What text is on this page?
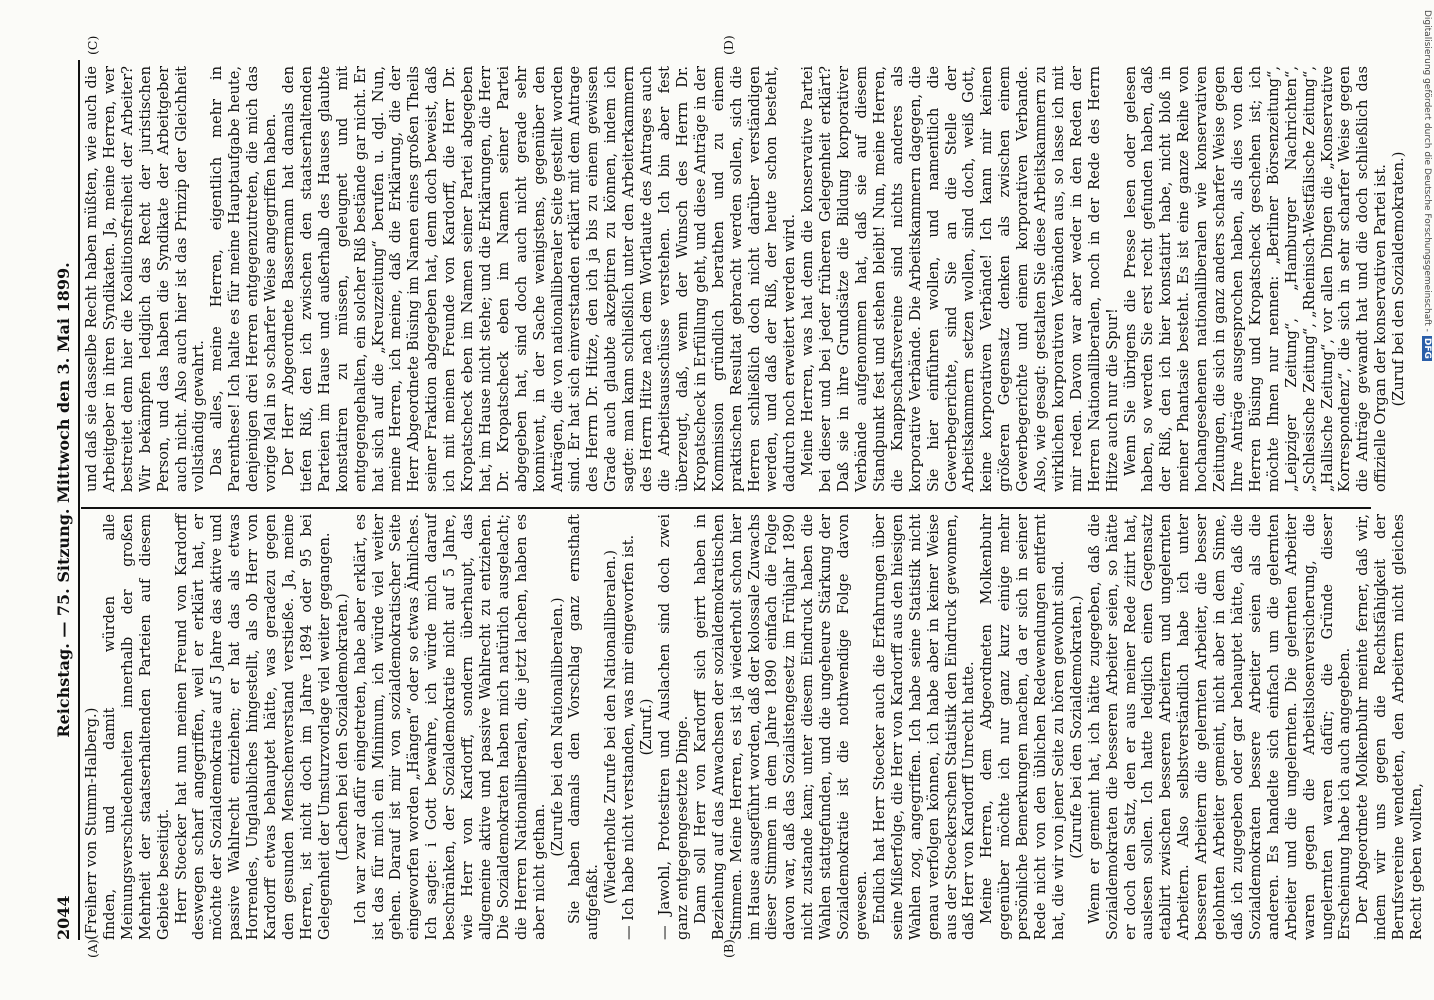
2044
Reichstag. — 75. Sitzung. Mittwoch den 3. Mai 1899.
(A)	(B)
(C)	(D)

(Freiherr von Stumm-Halberg.) finden, und damit würden alle Meinungsverschiedenheiten innerhalb der großen Mehrheit der staatserhaltenden Parteien auf diesem Gebiete beseitigt. Herr Stoecker hat nun meinen Freund von Kardorff deswegen scharf angegriffen, weil er erklärt hat, er möchte der Sozialdemokratie auf 5 Jahre das aktive und passive Wahlrecht entziehen; er hat das als etwas Horrendes, Unglaubliches hingestellt, als ob Herr von Kardorff etwas behauptet hätte, was geradezu gegen den gesunden Menschenverstand verstieße. Ja, meine Herren, ist nicht doch im Jahre 1894 oder 95 bei Gelegenheit der Umsturzvorlage viel weiter gegangen. (Lachen bei den Sozialdemokraten.) Ich war zwar dafür eingetreten, habe aber erklärt, es ist das für mich ein Minimum, ich würde viel weiter gehen. Darauf ist mir von sozialdemokratischer Seite eingeworfen worden „Hängen“ oder so etwas Ähnliches. Ich sagte: i Gott bewahre, ich würde mich darauf beschränken, der Sozialdemokratie nicht auf 5 Jahre, wie Herr von Kardorff, sondern überhaupt, das allgemeine aktive und passive Wahlrecht zu entziehen. Die Sozialdemokraten haben mich natürlich ausgelacht; die Herren Nationalliberalen, die jetzt lachen, haben es aber nicht gethan.

(Zurufe bei den Nationalliberalen.) Sie haben damals den Vorschlag ganz ernsthaft aufgefaßt. (Wiederholte Zurufe bei den Nationalliberalen.) — Ich habe nicht verstanden, was mir eingeworfen ist. (Zuruf.) — Jawohl, Protestiren und Auslachen sind doch zwei ganz entgegengesetzte Dinge. Dann soll Herr von Kardorff sich geirrt haben in Beziehung auf das Anwachsen der sozialdemokratischen Stimmen. Meine Herren, es ist ja wiederholt schon hier im Hause ausgeführt worden, daß der kolossale Zuwachs dieser Stimmen in dem Jahre 1890 einfach die Folge davon war, daß das Sozialistengesetz im Frühjahr 1890 nicht zustande kam; unter diesem Eindruck haben die Wahlen stattgefunden, und die ungeheure Stärkung der Sozialdemokratie ist die nothwendige Folge davon gewesen. Endlich hat Herr Stoecker auch die Erfahrungen über seine Mißerfolge, die Herr von Kardorff aus den hiesigen Wahlen zog, angegriffen. Ich habe seine Statistik nicht genau verfolgen können, ich habe aber in keiner Weise aus der Stoeckerschen Statistik den Eindruck gewonnen, daß Herr von Kardorff Unrecht hatte. Meine Herren, dem Abgeordneten Molkenbuhr gegenüber möchte ich nur ganz kurz einige mehr persönliche Bemerkungen machen, da er sich in seiner Rede nicht von den üblichen Redewendungen entfernt hat, die wir von jener Seite zu hören gewohnt sind. (Zurufe bei den Sozialdemokraten.) Wenn er gemeint hat, ich hätte zugegeben, daß die Sozialdemokraten die besseren Arbeiter seien, so hätte er doch den Satz, den er aus meiner Rede zitirt hat, auslesen sollen. Ich hatte lediglich einen Gegensatz etablirt zwischen besseren Arbeitern und ungelernten Arbeitern. Also selbstverständlich habe ich unter besseren Arbeitern die gelernten Arbeiter, die besser gelohnten Arbeiter gemeint, nicht aber in dem Sinne, daß ich zugegeben oder gar behauptet hätte, daß die Sozialdemokraten bessere Arbeiter seien als die anderen. Es handelte sich einfach um die gelernten Arbeiter und die ungelernten. Die gelernten Arbeiter waren gegen die Arbeitslosenversicherung, die ungelernten waren dafür; die Gründe dieser Erscheinung habe ich auch angegeben. Der Abgeordnete Molkenbuhr meinte ferner, daß wir, indem wir uns gegen die Rechtsfähigkeit der Berufsvereine wendeten, den Arbeitern nicht gleiches Recht geben wollten,

und daß sie dasselbe Recht haben müßten, wie auch die Arbeitgeber in ihren Syndikaten. Ja, meine Herren, wer bestreitet denn hier die Koalitionsfreiheit der Arbeiter? Wir bekämpfen lediglich das Recht der juristischen Person, und das haben die Syndikate der Arbeitgeber auch nicht. Also auch hier ist das Prinzip der Gleichheit vollständig gewahrt. Das alles, meine Herren, eigentlich mehr in Parenthese! Ich halte es für meine Hauptaufgabe heute, denjenigen drei Herren entgegenzutreten, die mich das vorige Mal in so scharfer Weise angegriffen haben. Der Herr Abgeordnete Bassermann hat damals den tiefen Riß, den ich zwischen den staatserhaltenden Parteien im Hause und außerhalb des Hauses glaubte konstatiren zu müssen, geleugnet und mit entgegengehalten, ein solcher Riß bestände gar nicht. Er hat sich auf die „Kreuzzeitung“ berufen u. dgl. Nun, meine Herren, ich meine, daß die Erklärung, die der Herr Abgeordnete Büsing im Namen eines großen Theils seiner Fraktion abgegeben hat, denn doch beweist, daß ich mit meinen Freunde von Kardorff, die Herr Dr. Kropatscheck eben im Namen seiner Partei abgegeben hat, im Hause nicht stehe; und die Erklärungen, die Herr Dr. Kropatscheck eben im Namen seiner Partei abgegeben hat, sind doch auch nicht gerade sehr konnivent, in der Sache wenigstens, gegenüber den Anträgen, die von nationalliberaler Seite gestellt worden sind. Er hat sich einverstanden erklärt mit dem Antrage des Herrn Dr. Hitze, den ich ja bis zu einem gewissen Grade auch glaubte akzeptiren zu können, indem ich sagte: man kann schließlich unter den Arbeiterkammern des Herrn Hitze nach dem Wortlaute des Antrages auch die Arbeitsausschüsse verstehen. Ich bin aber fest überzeugt, daß, wenn der Wunsch des Herrn Dr. Kropatscheck in Erfüllung geht, und diese Anträge in der Kommission gründlich berathen und zu einem praktischen Resultat gebracht werden sollen, sich die Herren schließlich doch nicht darüber verständigen werden, und daß der Riß, der heute schon besteht, dadurch noch erweitert werden wird. Meine Herren, was hat denn die konservative Partei bei dieser und bei jeder früheren Gelegenheit erklärt? Daß sie in ihre Grundsätze die Bildung korporativer Verbände aufgenommen hat, daß sie auf diesem Standpunkt fest und stehen bleibt! Nun, meine Herren, die Knappschaftsvereine sind nichts anderes als korporative Verbände. Die Arbeitskammern dagegen, die Sie hier einführen wollen, und namentlich die Gewerbegerichte, sind Sie an die Stelle der Arbeitskammern setzen wollen, sind doch, weiß Gott, keine korporativen Verbände! Ich kann mir keinen größeren Gegensatz denken als zwischen einem Gewerbegerichte und einem korporativen Verbande. Also, wie gesagt: gestalten Sie diese Arbeitskammern zu wirklichen korporativen Verbänden aus, so lasse ich mit mir reden. Davon war aber weder in den Reden der Herren Nationalliberalen, noch in der Rede des Herrn Hitze auch nur die Spur! Wenn Sie übrigens die Presse lesen oder gelesen haben, so werden Sie erst recht gefunden haben, daß der Riß, den ich hier konstatirt habe, nicht bloß in meiner Phantasie besteht. Es ist eine ganze Reihe von hochangesehenen nationalliberalen wie konservativen Zeitungen, die sich in ganz anders scharfer Weise gegen Ihre Anträge ausgesprochen haben, als dies von den Herren Büsing und Kropatscheck geschehen ist; ich möchte Ihnen nur nennen: „Berliner Börsenzeitung“, „Leipziger Zeitung“, „Hamburger Nachrichten“, „Schlesische Zeitung“, „Rheinisch-Westfälische Zeitung“, „Hallische Zeitung“, vor allen Dingen die „Konservative Korrespondenz“, die sich in sehr scharfer Weise gegen die Anträge gewandt hat und die doch schließlich das offizielle Organ der konservativen Partei ist. (Zuruf bei den Sozialdemokraten.)	Digitalisierung gefördert durch die Deutsche Forschungsgemeinschaft -DFG
